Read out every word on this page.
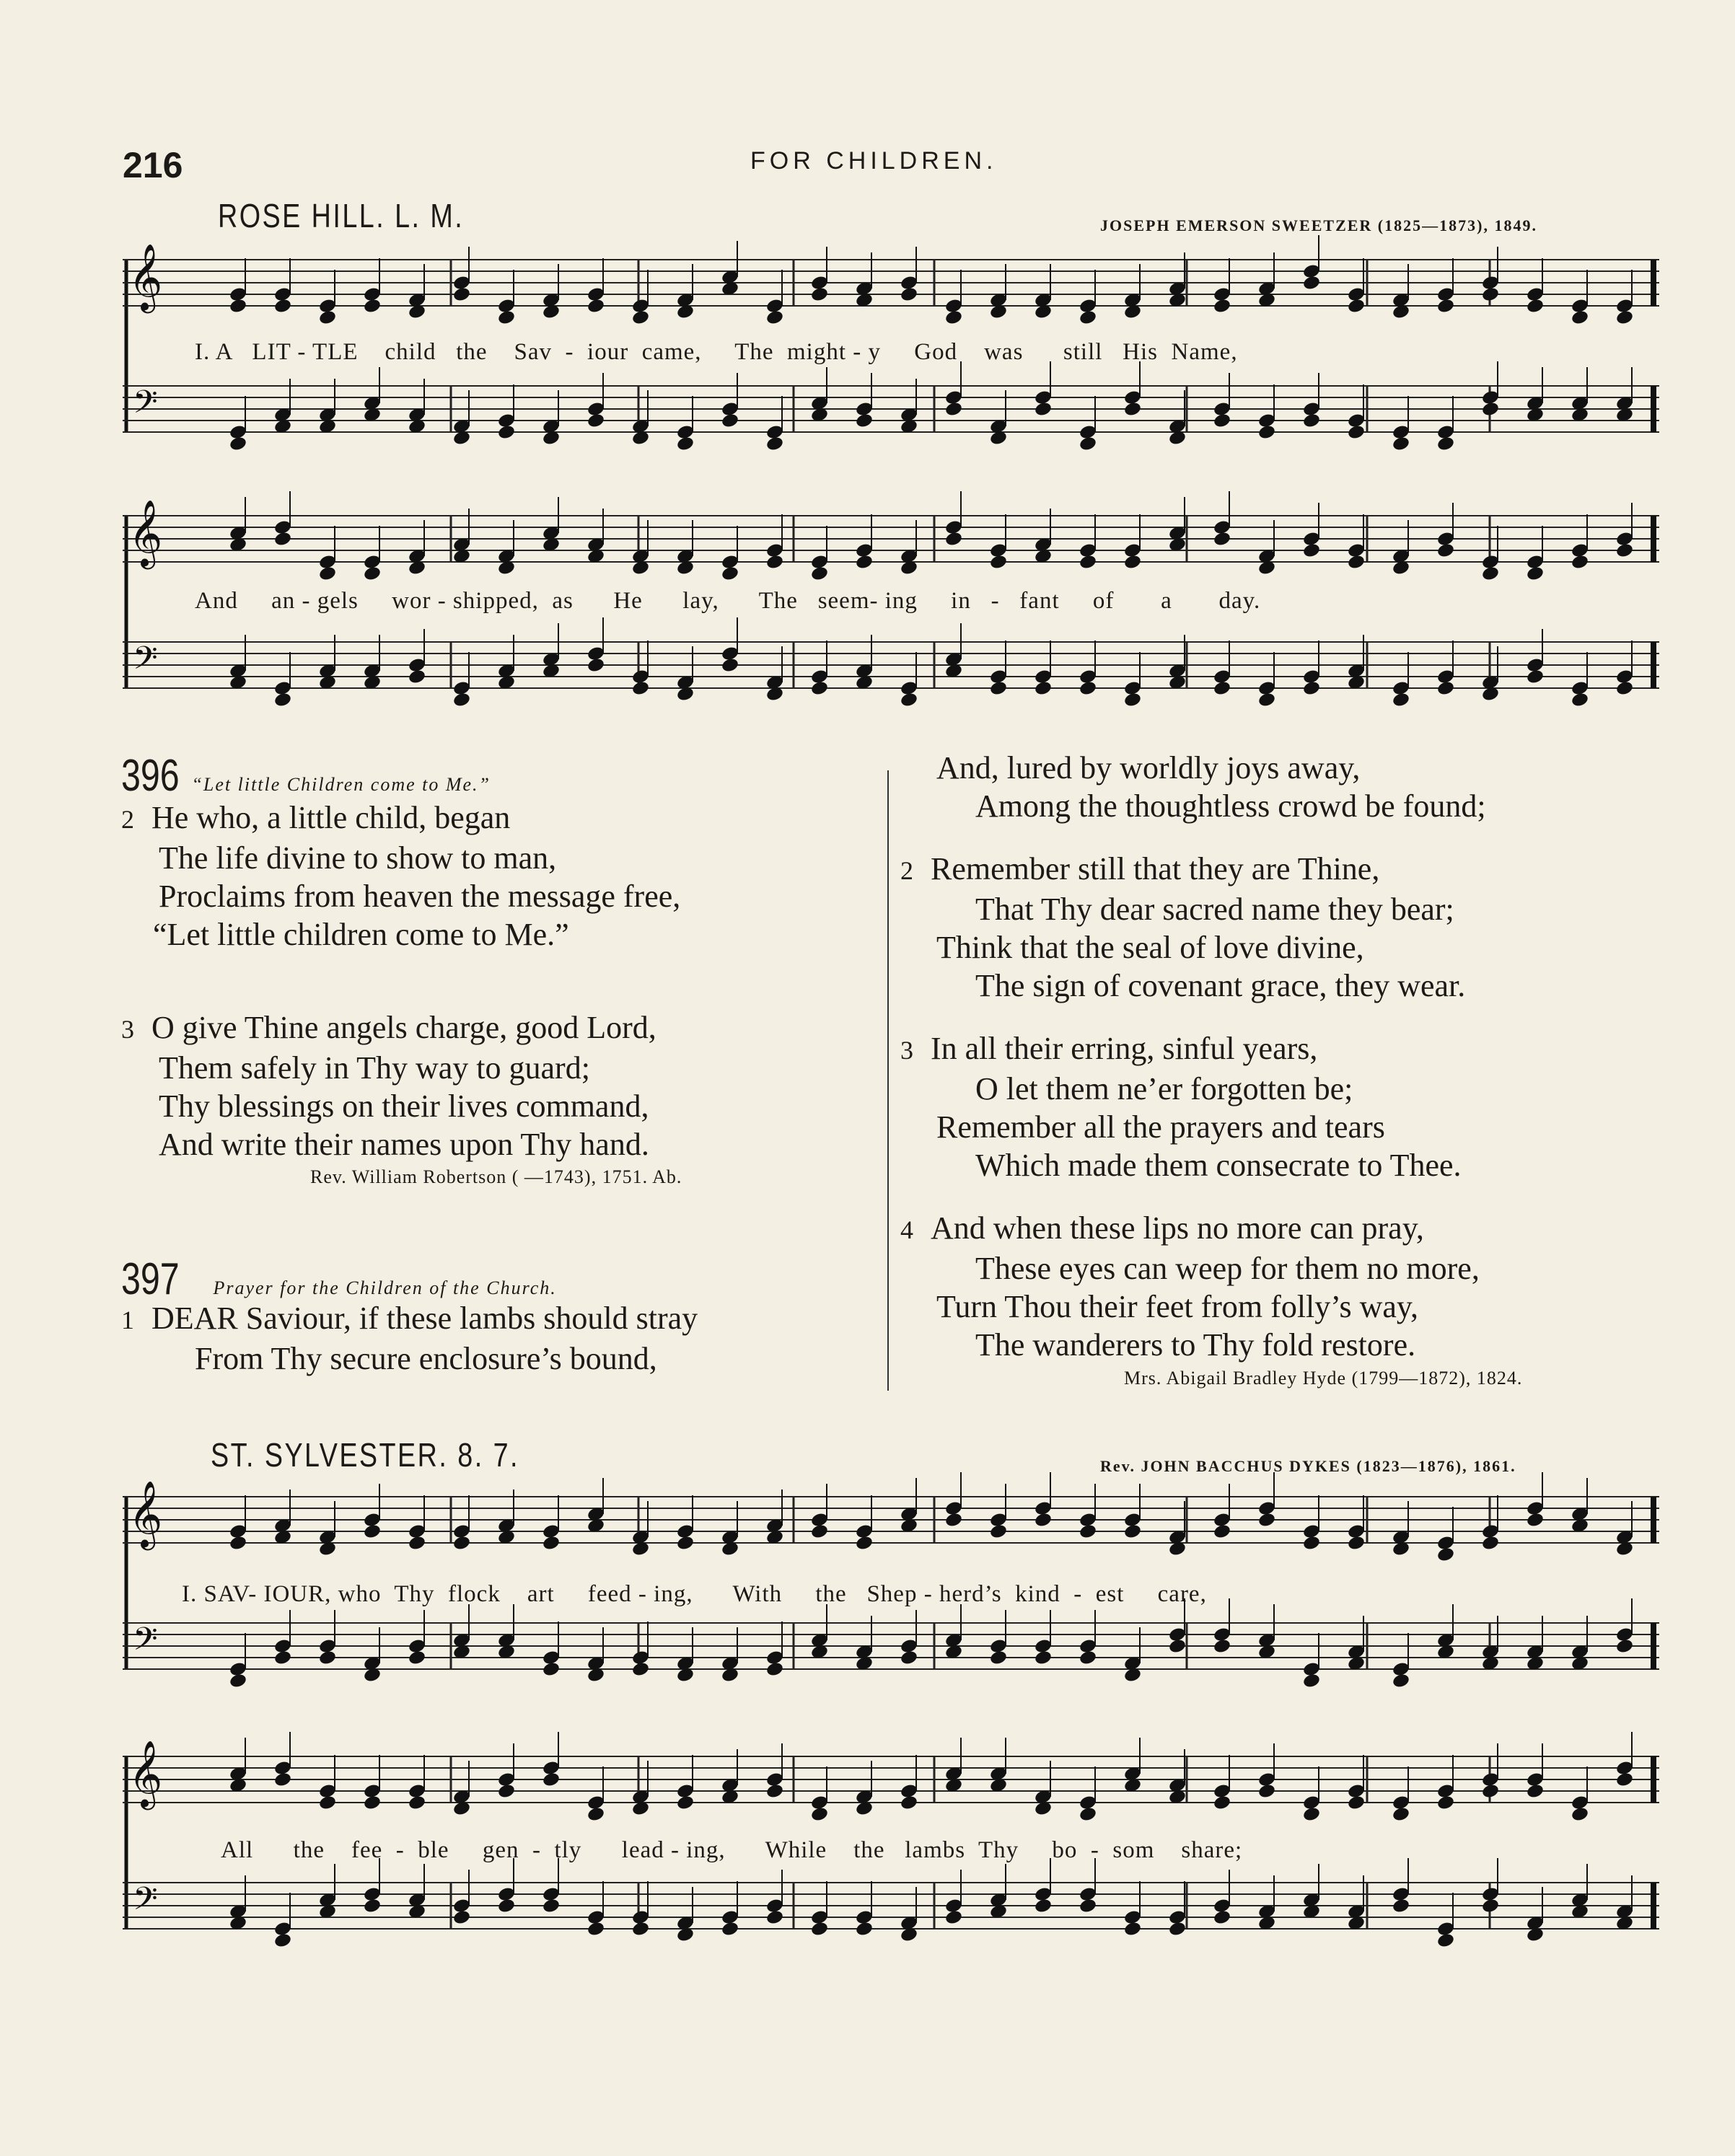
216	FOR CHILDREN.
ROSE HILL. L. M.	JOSEPH EMERSON SWEETZER (1825—1873), 1849.
𝄞
𝄢
I. A   LIT - TLE    child   the    Sav  -  iour  came,     The  might - y     God    was      still   His  Name,
𝄞
𝄢
And     an - gels     wor - shipped,  as      He      lay,      The   seem- ing     in   -   fant     of       a       day.
396 “Let little Children come to Me.”
2 He who, a little child, began
The life divine to show to man,
Proclaims from heaven the message free,
“Let little children come to Me.”
3 O give Thine angels charge, good Lord,
Them safely in Thy way to guard;
Thy blessings on their lives command,
And write their names upon Thy hand.
Rev. William Robertson ( —1743), 1751. Ab.
397 Prayer for the Children of the Church.
1 DEAR Saviour, if these lambs should stray
From Thy secure enclosure’s bound,
And, lured by worldly joys away,
Among the thoughtless crowd be found;
2 Remember still that they are Thine,
That Thy dear sacred name they bear;
Think that the seal of love divine,
The sign of covenant grace, they wear.
3 In all their erring, sinful years,
O let them ne’er forgotten be;
Remember all the prayers and tears
Which made them consecrate to Thee.
4 And when these lips no more can pray,
These eyes can weep for them no more,
Turn Thou their feet from folly’s way,
The wanderers to Thy fold restore.
Mrs. Abigail Bradley Hyde (1799—1872), 1824.
ST. SYLVESTER. 8. 7.	Rev. JOHN BACCHUS DYKES (1823—1876), 1861.
𝄞
𝄢
I. SAV- IOUR, who  Thy  flock    art     feed - ing,      With     the   Shep - herd’s  kind  -  est     care,
𝄞
𝄢
All      the    fee  -  ble     gen  -  tly      lead - ing,      While    the   lambs  Thy     bo  -  som    share;
